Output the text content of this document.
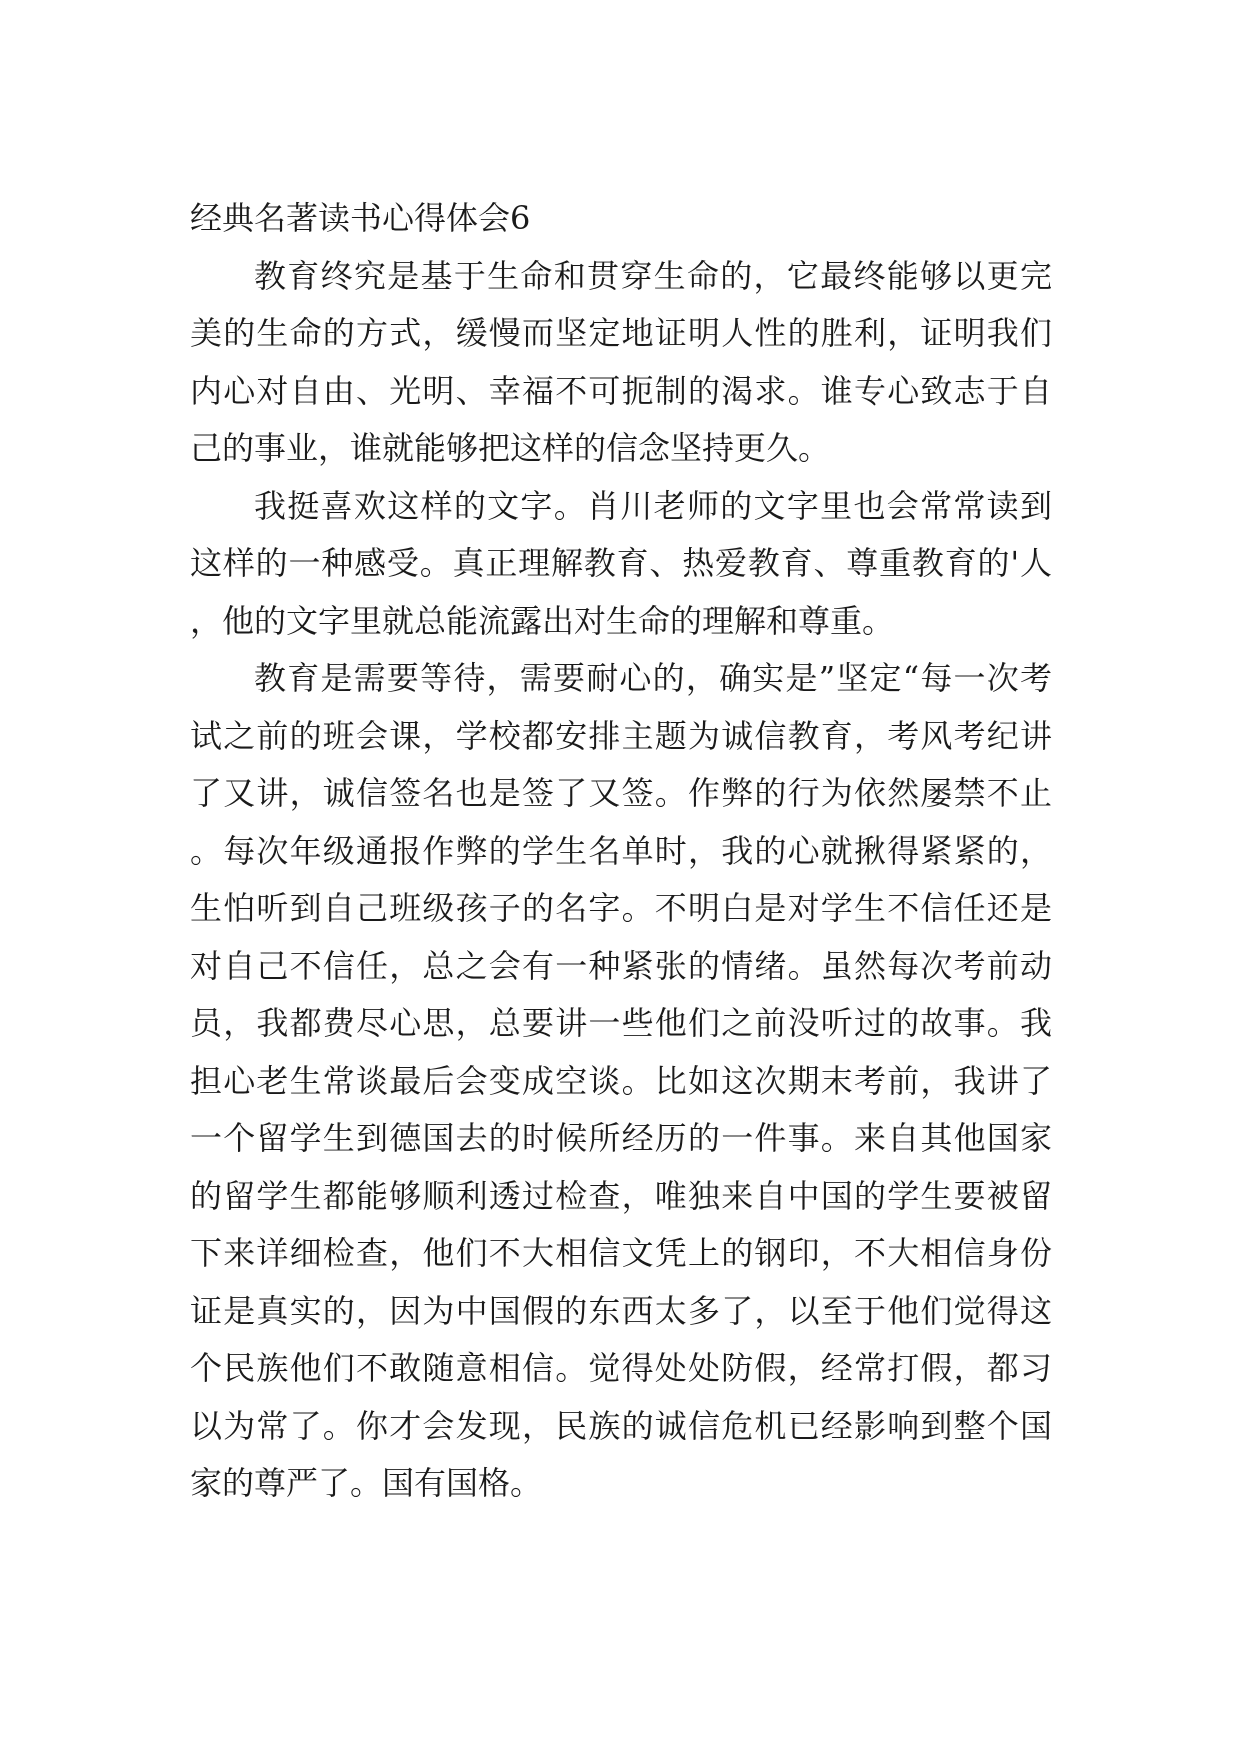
经典名著读书心得体会6

教育终究是基于生命和贯穿生命的，它最终能够以更完美的生命的方式，缓慢而坚定地证明人性的胜利，证明我们内心对自由、光明、幸福不可扼制的渴求。谁专心致志于自己的事业，谁就能够把这样的信念坚持更久。

我挺喜欢这样的文字。肖川老师的文字里也会常常读到这样的一种感受。真正理解教育、热爱教育、尊重教育的'人，他的文字里就总能流露出对生命的理解和尊重。

教育是需要等待，需要耐心的，确实是”坚定“每一次考试之前的班会课，学校都安排主题为诚信教育，考风考纪讲了又讲，诚信签名也是签了又签。作弊的行为依然屡禁不止。每次年级通报作弊的学生名单时，我的心就揪得紧紧的，生怕听到自己班级孩子的名字。不明白是对学生不信任还是对自己不信任，总之会有一种紧张的情绪。虽然每次考前动员，我都费尽心思，总要讲一些他们之前没听过的故事。我担心老生常谈最后会变成空谈。比如这次期末考前，我讲了一个留学生到德国去的时候所经历的一件事。来自其他国家的留学生都能够顺利透过检查，唯独来自中国的学生要被留下来详细检查，他们不大相信文凭上的钢印，不大相信身份证是真实的，因为中国假的东西太多了，以至于他们觉得这个民族他们不敢随意相信。觉得处处防假，经常打假，都习以为常了。你才会发现，民族的诚信危机已经影响到整个国家的尊严了。国有国格。
